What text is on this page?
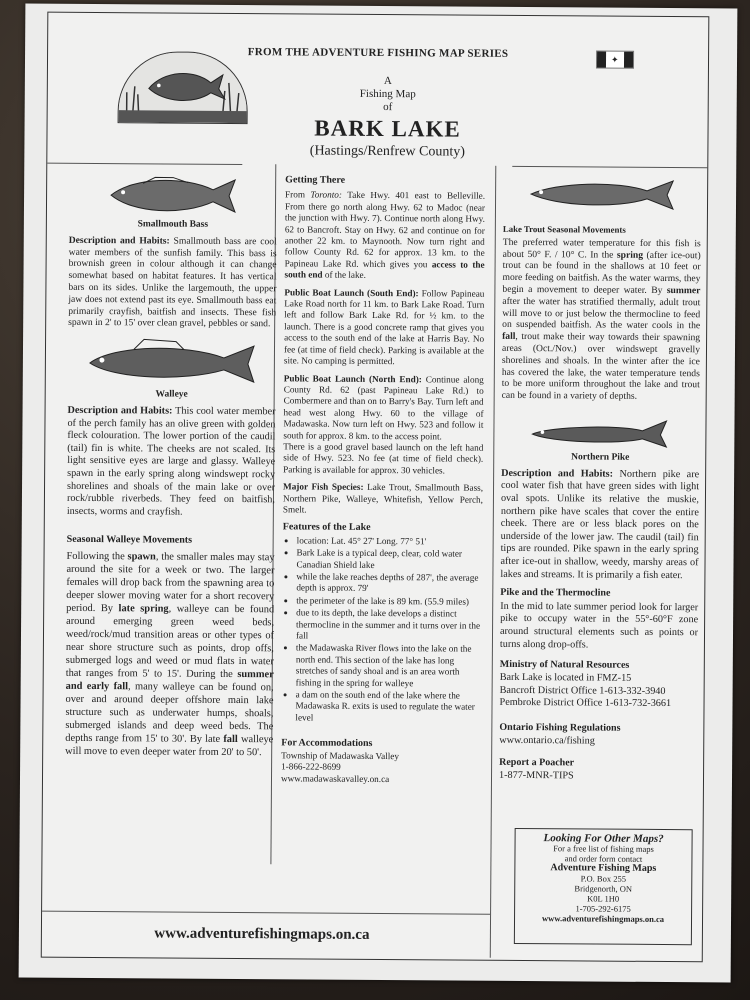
FROM THE ADVENTURE FISHING MAP SERIES	✦
A
Fishing Map
of
BARK LAKE
(Hastings/Renfrew County)
Smallmouth Bass

Description and Habits: Smallmouth bass are cool water members of the sunfish family. This bass is brownish green in colour although it can change somewhat based on habitat features. It has vertical bars on its sides. Unlike the largemouth, the upper jaw does not extend past its eye. Smallmouth bass eat primarily crayfish, baitfish and insects. These fish spawn in 2' to 15' over clean gravel, pebbles or sand.

Walleye

Description and Habits: This cool water member of the perch family has an olive green with golden fleck colouration. The lower portion of the caudil (tail) fin is white. The cheeks are not scaled. Its light sensitive eyes are large and glassy. Walleye spawn in the early spring along windswept rocky shorelines and shoals of the main lake or over rock/rubble riverbeds. They feed on baitfish, insects, worms and crayfish.

Seasonal Walleye Movements

Following the spawn, the smaller males may stay around the site for a week or two. The larger females will drop back from the spawning area to deeper slower moving water for a short recovery period. By late spring, walleye can be found around emerging green weed beds, weed/rock/mud transition areas or other types of near shore structure such as points, drop offs, submerged logs and weed or mud flats in water that ranges from 5' to 15'. During the summer and early fall, many walleye can be found on, over and around deeper offshore main lake structure such as underwater humps, shoals, submerged islands and deep weed beds. The depths range from 15' to 30'. By late fall walleye will move to even deeper water from 20' to 50'.

Getting There

From Toronto: Take Hwy. 401 east to Belleville. From there go north along Hwy. 62 to Madoc (near the junction with Hwy. 7). Continue north along Hwy. 62 to Bancroft. Stay on Hwy. 62 and continue on for another 22 km. to Maynooth. Now turn right and follow County Rd. 62 for approx. 13 km. to the Papineau Lake Rd. which gives you access to the south end of the lake.

Public Boat Launch (South End): Follow Papineau Lake Road north for 11 km. to Bark Lake Road. Turn left and follow Bark Lake Rd. for ½ km. to the launch. There is a good concrete ramp that gives you access to the south end of the lake at Harris Bay. No fee (at time of field check). Parking is available at the site. No camping is permitted.

Public Boat Launch (North End): Continue along County Rd. 62 (past Papineau Lake Rd.) to Combermere and than on to Barry's Bay. Turn left and head west along Hwy. 60 to the village of Madawaska. Now turn left on Hwy. 523 and follow it south for approx. 8 km. to the access point.

There is a good gravel based launch on the left hand side of Hwy. 523. No fee (at time of field check). Parking is available for approx. 30 vehicles.

Major Fish Species: Lake Trout, Smallmouth Bass, Northern Pike, Walleye, Whitefish, Yellow Perch, Smelt.

Features of the Lake
• location: Lat. 45° 27' Long. 77° 51'
• Bark Lake is a typical deep, clear, cold water Canadian Shield lake
• while the lake reaches depths of 287', the average depth is approx. 79'
• the perimeter of the lake is 89 km. (55.9 miles)
• due to its depth, the lake develops a distinct thermocline in the summer and it turns over in the fall
• the Madawaska River flows into the lake on the north end. This section of the lake has long stretches of sandy shoal and is an area worth fishing in the spring for walleye
• a dam on the south end of the lake where the Madawaska R. exits is used to regulate the water level
For Accommodations
Township of Madawaska Valley
1-866-222-8699
www.madawaskavalley.on.ca
Lake Trout Seasonal Movements

The preferred water temperature for this fish is about 50° F. / 10° C. In the spring (after ice-out) trout can be found in the shallows at 10 feet or more feeding on baitfish. As the water warms, they begin a movement to deeper water. By summer after the water has stratified thermally, adult trout will move to or just below the thermocline to feed on suspended baitfish. As the water cools in the fall, trout make their way towards their spawning areas (Oct./Nov.) over windswept gravelly shorelines and shoals. In the winter after the ice has covered the lake, the water temperature tends to be more uniform throughout the lake and trout can be found in a variety of depths.

Northern Pike

Description and Habits: Northern pike are cool water fish that have green sides with light oval spots. Unlike its relative the muskie, northern pike have scales that cover the entire cheek. There are or less black pores on the underside of the lower jaw. The caudil (tail) fin tips are rounded. Pike spawn in the early spring after ice-out in shallow, weedy, marshy areas of lakes and streams. It is primarily a fish eater.

Pike and the Thermocline

In the mid to late summer period look for larger pike to occupy water in the 55°-60°F zone around structural elements such as points or turns along drop-offs.

Ministry of Natural Resources
Bark Lake is located in FMZ-15
Bancroft District Office 1-613-332-3940
Pembroke District Office 1-613-732-3661
Ontario Fishing Regulations
www.ontario.ca/fishing
Report a Poacher
1-877-MNR-TIPS
Looking For Other Maps?
For a free list of fishing maps
and order form contact
Adventure Fishing Maps
P.O. Box 255
Bridgenorth, ON
K0L 1H0
1-705-292-6175
www.adventurefishingmaps.on.ca
www.adventurefishingmaps.on.ca
